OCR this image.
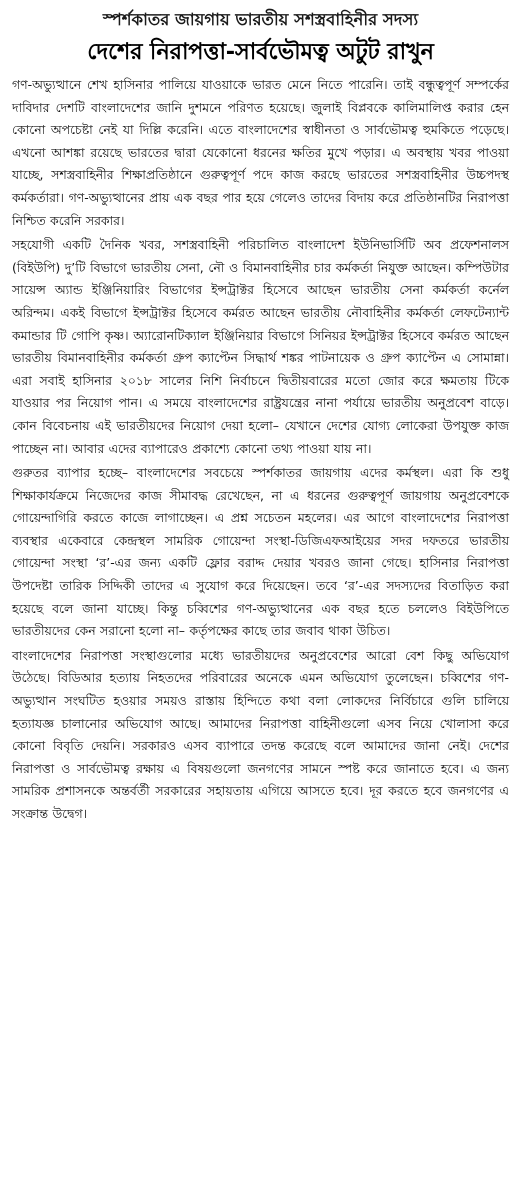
স্পর্শকাতর জায়গায় ভারতীয় সশস্ত্রবাহিনীর সদস্য
দেশের নিরাপত্তা-সার্বভৌমত্ব অটুট রাখুন

গণ-অভ্যুত্থানে শেখ হাসিনার পালিয়ে যাওয়াকে ভারত মেনে নিতে পারেনি। তাই বন্ধুত্বপূর্ণ সম্পর্কের দাবিদার দেশটি বাংলাদেশের জানি দুশমনে পরিণত হয়েছে। জুলাই বিপ্লবকে কালিমালিপ্ত করার হেন কোনো অপচেষ্টা নেই যা দিল্লি করেনি। এতে বাংলাদেশের স্বাধীনতা ও সার্বভৌমত্ব হুমকিতে পড়েছে। এখনো আশঙ্কা রয়েছে ভারতের দ্বারা যেকোনো ধরনের ক্ষতির মুখে পড়ার। এ অবস্থায় খবর পাওয়া যাচ্ছে, সশস্ত্রবাহিনীর শিক্ষাপ্রতিষ্ঠানে গুরুত্বপূর্ণ পদে কাজ করছে ভারতের সশস্ত্রবাহিনীর উচ্চপদস্থ কর্মকর্তারা। গণ-অভ্যুত্থানের প্রায় এক বছর পার হয়ে গেলেও তাদের বিদায় করে প্রতিষ্ঠানটির নিরাপত্তা নিশ্চিত করেনি সরকার।

সহযোগী একটি দৈনিক খবর, সশস্ত্রবাহিনী পরিচালিত বাংলাদেশ ইউনিভার্সিটি অব প্রফেশনালস (বিইউপি) দু’টি বিভাগে ভারতীয় সেনা, নৌ ও বিমানবাহিনীর চার কর্মকর্তা নিযুক্ত আছেন। কম্পিউটার সায়েন্স অ্যান্ড ইঞ্জিনিয়ারিং বিভাগের ইন্সট্রাক্টর হিসেবে আছেন ভারতীয় সেনা কর্মকর্তা কর্নেল অরিন্দম। একই বিভাগে ইন্সট্রাক্টর হিসেবে কর্মরত আছেন ভারতীয় নৌবাহিনীর কর্মকর্তা লেফটেন্যান্ট কমান্ডার টি গোপি কৃষ্ণ। অ্যারোনটিক্যাল ইঞ্জিনিয়ার বিভাগে সিনিয়র ইন্সট্রাক্টর হিসেবে কর্মরত আছেন ভারতীয় বিমানবাহিনীর কর্মকর্তা গ্রুপ ক্যাপ্টেন সিদ্ধার্থ শঙ্কর পাটনায়েক ও গ্রুপ ক্যাপ্টেন এ সোমান্না। এরা সবাই হাসিনার ২০১৮ সালের নিশি নির্বাচনে দ্বিতীয়বারের মতো জোর করে ক্ষমতায় টিকে যাওয়ার পর নিয়োগ পান। এ সময়ে বাংলাদেশের রাষ্ট্রযন্ত্রের নানা পর্যায়ে ভারতীয় অনুপ্রবেশ বাড়ে। কোন বিবেচনায় এই ভারতীয়দের নিয়োগ দেয়া হলো– যেখানে দেশের যোগ্য লোকেরা উপযুক্ত কাজ পাচ্ছেন না। আবার এদের ব্যাপারেও প্রকাশ্যে কোনো তথ্য পাওয়া যায় না।

গুরুতর ব্যাপার হচ্ছে– বাংলাদেশের সবচেয়ে স্পর্শকাতর জায়গায় এদের কর্মস্থল। এরা কি শুধু শিক্ষাকার্যক্রমে নিজেদের কাজ সীমাবদ্ধ রেখেছেন, না এ ধরনের গুরুত্বপূর্ণ জায়গায় অনুপ্রবেশকে গোয়েন্দাগিরি করতে কাজে লাগাচ্ছেন। এ প্রশ্ন সচেতন মহলের। এর আগে বাংলাদেশের নিরাপত্তা ব্যবস্থার একেবারে কেন্দ্রস্থল সামরিক গোয়েন্দা সংস্থা-ডিজিএফআইয়ের সদর দফতরে ভারতীয় গোয়েন্দা সংস্থা ‘র’-এর জন্য একটি ফ্লোর বরাদ্দ দেয়ার খবরও জানা গেছে। হাসিনার নিরাপত্তা উপদেষ্টা তারিক সিদ্দিকী তাদের এ সুযোগ করে দিয়েছেন। তবে ‘র’-এর সদস্যদের বিতাড়িত করা হয়েছে বলে জানা যাচ্ছে। কিন্তু চব্বিশের গণ-অভ্যুত্থানের এক বছর হতে চললেও বিইউপিতে ভারতীয়দের কেন সরানো হলো না– কর্তৃপক্ষের কাছে তার জবাব থাকা উচিত।

বাংলাদেশের নিরাপত্তা সংস্থাগুলোর মধ্যে ভারতীয়দের অনুপ্রবেশের আরো বেশ কিছু অভিযোগ উঠেছে। বিডিআর হত্যায় নিহতদের পরিবারের অনেকে এমন অভিযোগ তুলেছেন। চব্বিশের গণ-অভ্যুত্থান সংঘটিত হওয়ার সময়ও রাস্তায় হিন্দিতে কথা বলা লোকদের নির্বিচারে গুলি চালিয়ে হত্যাযজ্ঞ চালানোর অভিযোগ আছে। আমাদের নিরাপত্তা বাহিনীগুলো এসব নিয়ে খোলাসা করে কোনো বিবৃতি দেয়নি। সরকারও এসব ব্যাপারে তদন্ত করেছে বলে আমাদের জানা নেই। দেশের নিরাপত্তা ও সার্বভৌমত্ব রক্ষায় এ বিষয়গুলো জনগণের সামনে স্পষ্ট করে জানাতে হবে। এ জন্য সামরিক প্রশাসনকে অন্তর্বর্তী সরকারের সহায়তায় এগিয়ে আসতে হবে। দূর করতে হবে জনগণের এ সংক্রান্ত উদ্বেগ।
